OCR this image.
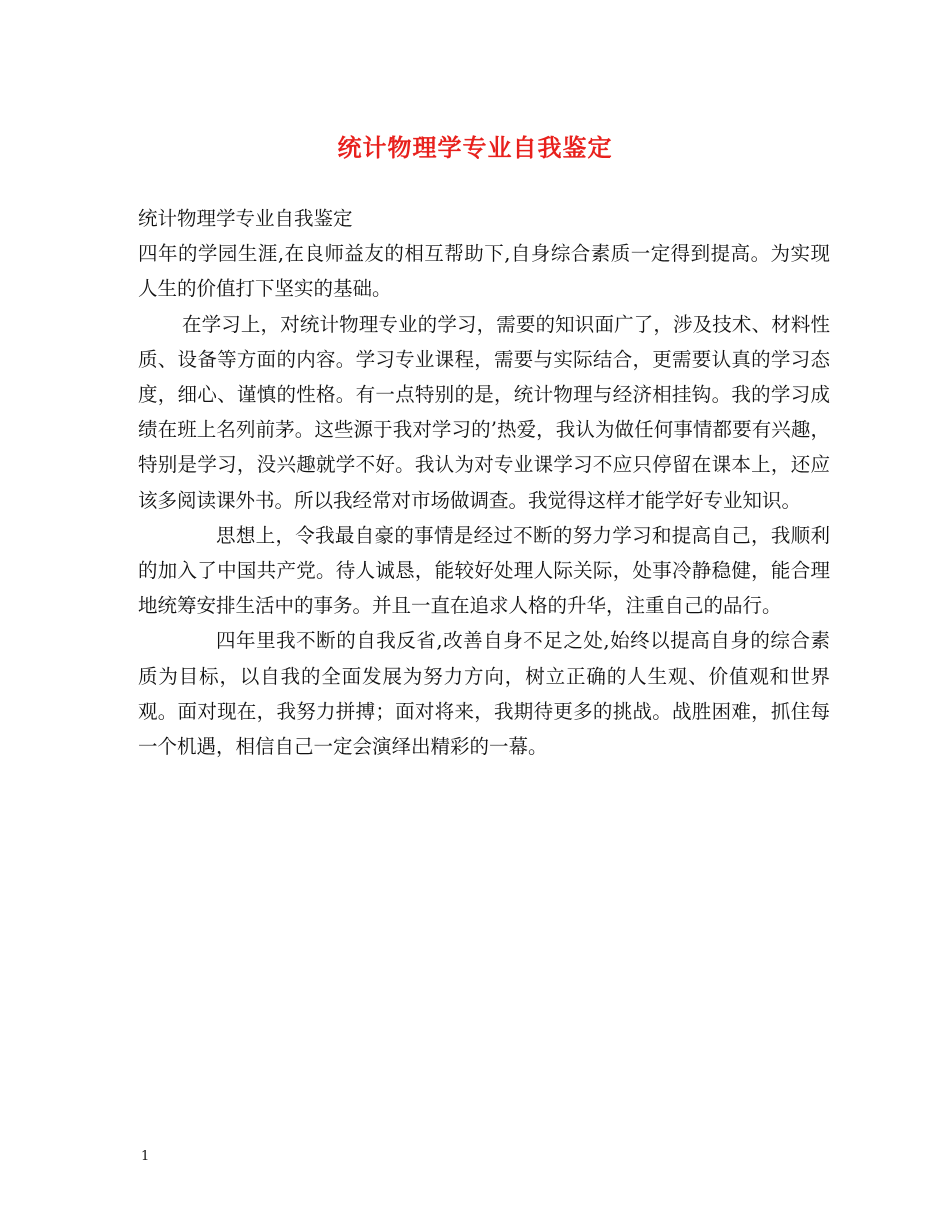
统计物理学专业自我鉴定

统计物理学专业自我鉴定

四年的学园生涯,在良师益友的相互帮助下,自身综合素质一定得到提高。为实现人生的价值打下坚实的基础。

在学习上，对统计物理专业的学习，需要的知识面广了，涉及技术、材料性质、设备等方面的内容。学习专业课程，需要与实际结合，更需要认真的学习态度，细心、谨慎的性格。有一点特别的是，统计物理与经济相挂钩。我的学习成绩在班上名列前茅。这些源于我对学习的’热爱，我认为做任何事情都要有兴趣，特别是学习，没兴趣就学不好。我认为对专业课学习不应只停留在课本上，还应该多阅读课外书。所以我经常对市场做调查。我觉得这样才能学好专业知识。

思想上，令我最自豪的事情是经过不断的努力学习和提高自己，我顺利的加入了中国共产党。待人诚恳，能较好处理人际关际，处事冷静稳健，能合理地统筹安排生活中的事务。并且一直在追求人格的升华，注重自己的品行。

四年里我不断的自我反省,改善自身不足之处,始终以提高自身的综合素质为目标，以自我的全面发展为努力方向，树立正确的人生观、价值观和世界观。面对现在，我努力拼搏；面对将来，我期待更多的挑战。战胜困难，抓住每一个机遇，相信自己一定会演绎出精彩的一幕。

1
